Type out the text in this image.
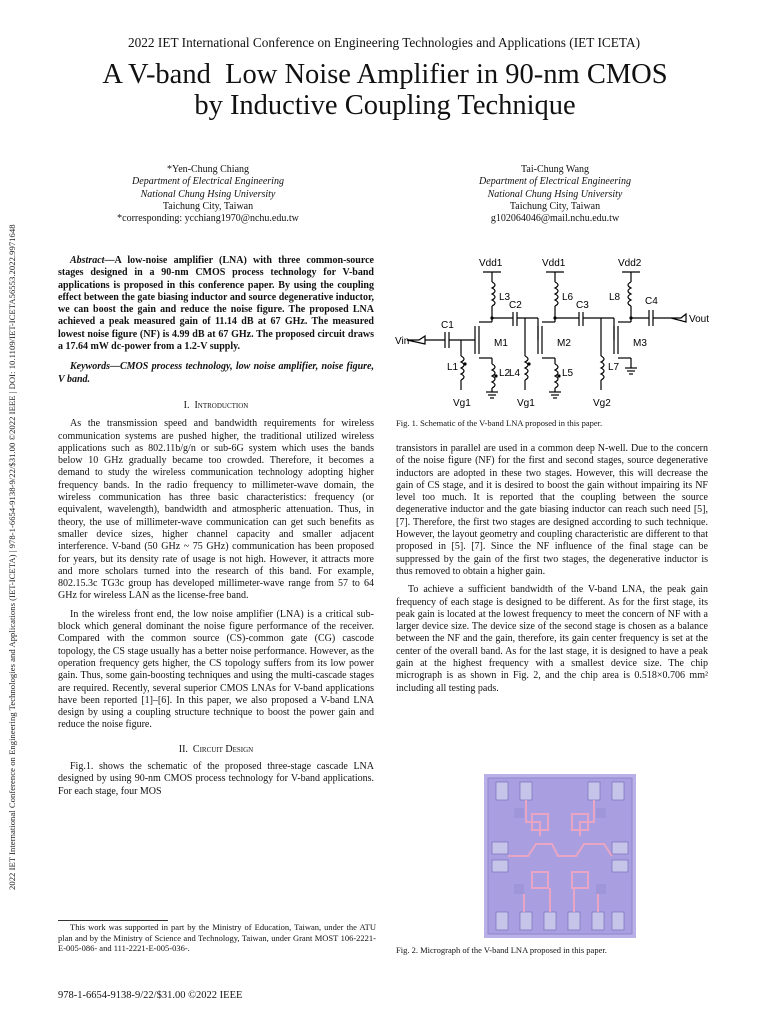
2022 IET International Conference on Engineering Technologies and Applications (IET-ICETA) | 978-1-6654-9138-9/22/$31.00 ©2022 IEEE | DOI: 10.1109/IET-ICETA56553.2022.9971648
2022 IET International Conference on Engineering Technologies and Applications (IET ICETA)
A V-band  Low Noise Amplifier in 90-nm CMOS
by Inductive Coupling Technique
*Yen-Chung Chiang
Department of Electrical Engineering
National Chung Hsing University
Taichung City, Taiwan
*corresponding: ycchiang1970@nchu.edu.tw
Tai-Chung Wang
Department of Electrical Engineering
National Chung Hsing University
Taichung City, Taiwan
g102064046@mail.nchu.edu.tw

Abstract—A low-noise amplifier (LNA) with three common-source stages designed in a 90-nm CMOS process technology for V-band applications is proposed in this conference paper. By using the coupling effect between the gate biasing inductor and source degenerative inductor, we can boost the gain and reduce the noise figure. The proposed LNA achieved a peak measured gain of 11.14 dB at 67 GHz. The measured lowest noise figure (NF) is 4.99 dB at 67 GHz. The proposed circuit draws a 17.64 mW dc-power from a 1.2-V supply.

Keywords—CMOS process technology, low noise amplifier, noise figure, V band.

I. Introduction

As the transmission speed and bandwidth requirements for wireless communication systems are pushed higher, the traditional utilized wireless applications such as 802.11b/g/n or sub-6G system which uses the bands below 10 GHz gradually became too crowded. Therefore, it becomes a demand to study the wireless communication technology adopting higher frequency bands. In the radio frequency to millimeter-wave domain, the wireless communication has three basic characteristics: frequency (or equivalent, wavelength), bandwidth and atmospheric attenuation. Thus, in theory, the use of millimeter-wave communication can get such benefits as smaller device sizes, higher channel capacity and smaller adjacent interference. V-band (50 GHz ~ 75 GHz) communication has been proposed for years, but its density rate of usage is not high. However, it attracts more and more scholars turned into the research of this band. For example, 802.15.3c TG3c group has developed millimeter-wave range from 57 to 64 GHz for wireless LAN as the license-free band.

In the wireless front end, the low noise amplifier (LNA) is a critical sub-block which general dominant the noise figure performance of the receiver. Compared with the common source (CS)-common gate (CG) cascode topology, the CS stage usually has a better noise performance. However, as the operation frequency gets higher, the CS topology suffers from its low power gain. Thus, some gain-boosting techniques and using the multi-cascade stages are required. Recently, several superior CMOS LNAs for V-band applications have been reported [1]–[6]. In this paper, we also proposed a V-band LNA design by using a coupling structure technique to boost the power gain and reduce the noise figure.

II. Circuit Design

Fig.1. shows the schematic of the proposed three-stage cascade LNA designed by using 90-nm CMOS process technology for V-band applications. For each stage, four MOS

This work was supported in part by the Ministry of Education, Taiwan, under the ATU plan and by the Ministry of Science and Technology, Taiwan, under Grant MOST 106-2221-E-005-086- and 111-2221-E-005-036-.

978-1-6654-9138-9/22/$31.00 ©2022 IEEE
Vdd1	Vdd1	Vdd2
L3	L6	L8 C4
Vout
C1
C2	C3
Vin	M1	M2	M3
L1
L2
L4	L5
L7
Vg1	Vg1	Vg2
Fig. 1. Schematic of the V-band LNA proposed in this paper.

transistors in parallel are used in a common deep N-well. Due to the concern of the noise figure (NF) for the first and second stages, source degenerative inductors are adopted in these two stages. However, this will decrease the gain of CS stage, and it is desired to boost the gain without impairing its NF level too much. It is reported that the coupling between the source degenerative inductor and the gate biasing inductor can reach such need [5], [7]. Therefore, the first two stages are designed according to such technique. However, the layout geometry and coupling characteristic are different to that proposed in [5]. [7]. Since the NF influence of the final stage can be suppressed by the gain of the first two stages, the degenerative inductor is thus removed to obtain a higher gain.

To achieve a sufficient bandwidth of the V-band LNA, the peak gain frequency of each stage is designed to be different. As for the first stage, its peak gain is located at the lowest frequency to meet the concern of NF with a larger device size. The device size of the second stage is chosen as a balance between the NF and the gain, therefore, its gain center frequency is set at the center of the overall band. As for the last stage, it is designed to have a peak gain at the highest frequency with a smallest device size. The chip micrograph is as shown in Fig. 2, and the chip area is 0.518×0.706 mm² including all testing pads.

Fig. 2. Micrograph of the V-band LNA proposed in this paper.
